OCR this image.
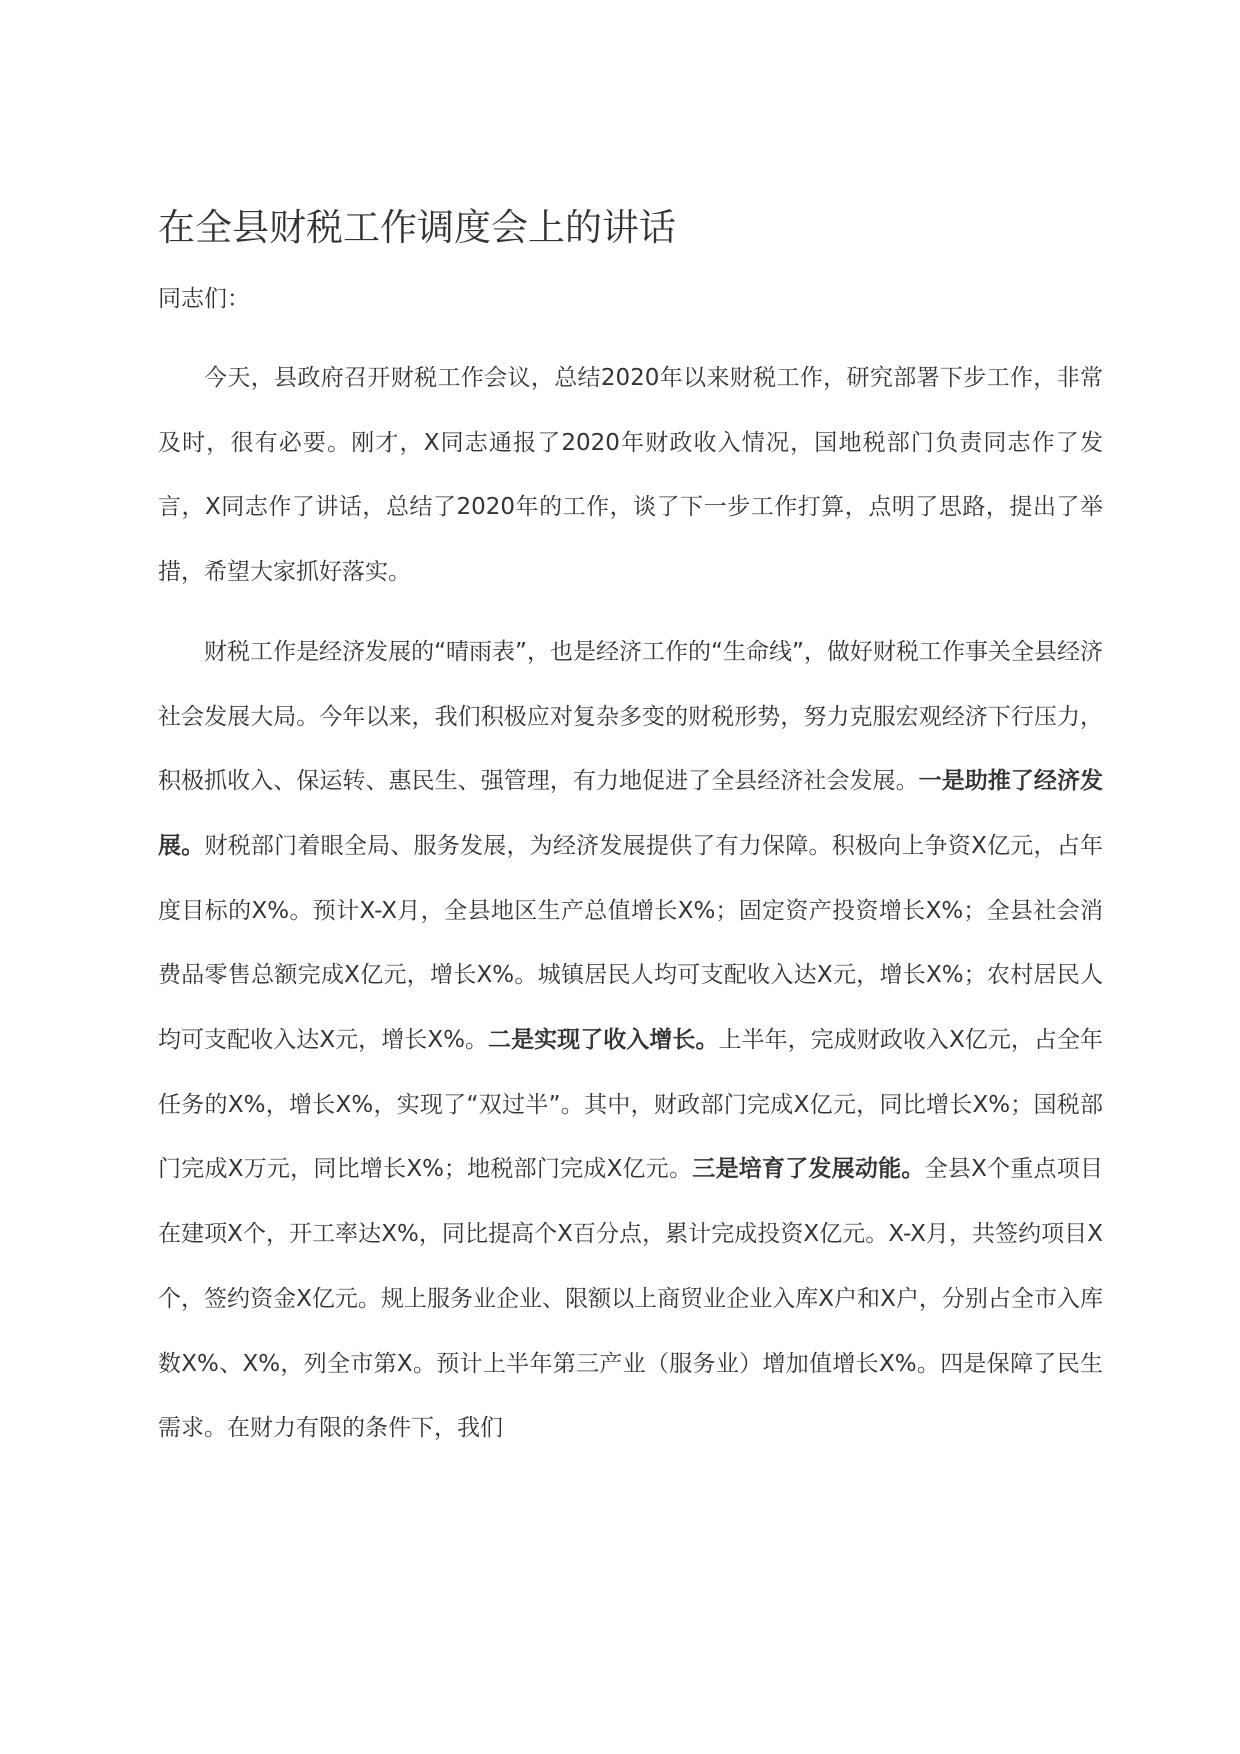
在全县财税工作调度会上的讲话

同志们：

今天，县政府召开财税工作会议，总结2020年以来财税工作，研究部署下步工作，非常及时，很有必要。刚才，X同志通报了2020年财政收入情况，国地税部门负责同志作了发言，X同志作了讲话，总结了2020年的工作，谈了下一步工作打算，点明了思路，提出了举措，希望大家抓好落实。

财税工作是经济发展的“晴雨表”，也是经济工作的“生命线”，做好财税工作事关全县经济社会发展大局。今年以来，我们积极应对复杂多变的财税形势，努力克服宏观经济下行压力，积极抓收入、保运转、惠民生、强管理，有力地促进了全县经济社会发展。一是助推了经济发展。财税部门着眼全局、服务发展，为经济发展提供了有力保障。积极向上争资X亿元，占年度目标的X%。预计X-X月，全县地区生产总值增长X%；固定资产投资增长X%；全县社会消费品零售总额完成X亿元，增长X%。城镇居民人均可支配收入达X元，增长X%；农村居民人均可支配收入达X元，增长X%。二是实现了收入增长。上半年，完成财政收入X亿元，占全年任务的X%，增长X%，实现了“双过半”。其中，财政部门完成X亿元，同比增长X%；国税部门完成X万元，同比增长X%；地税部门完成X亿元。三是培育了发展动能。全县X个重点项目在建项X个，开工率达X%，同比提高个X百分点，累计完成投资X亿元。X-X月，共签约项目X个，签约资金X亿元。规上服务业企业、限额以上商贸业企业入库X户和X户，分别占全市入库数X%、X%，列全市第X。预计上半年第三产业（服务业）增加值增长X%。四是保障了民生需求。在财力有限的条件下，我们
